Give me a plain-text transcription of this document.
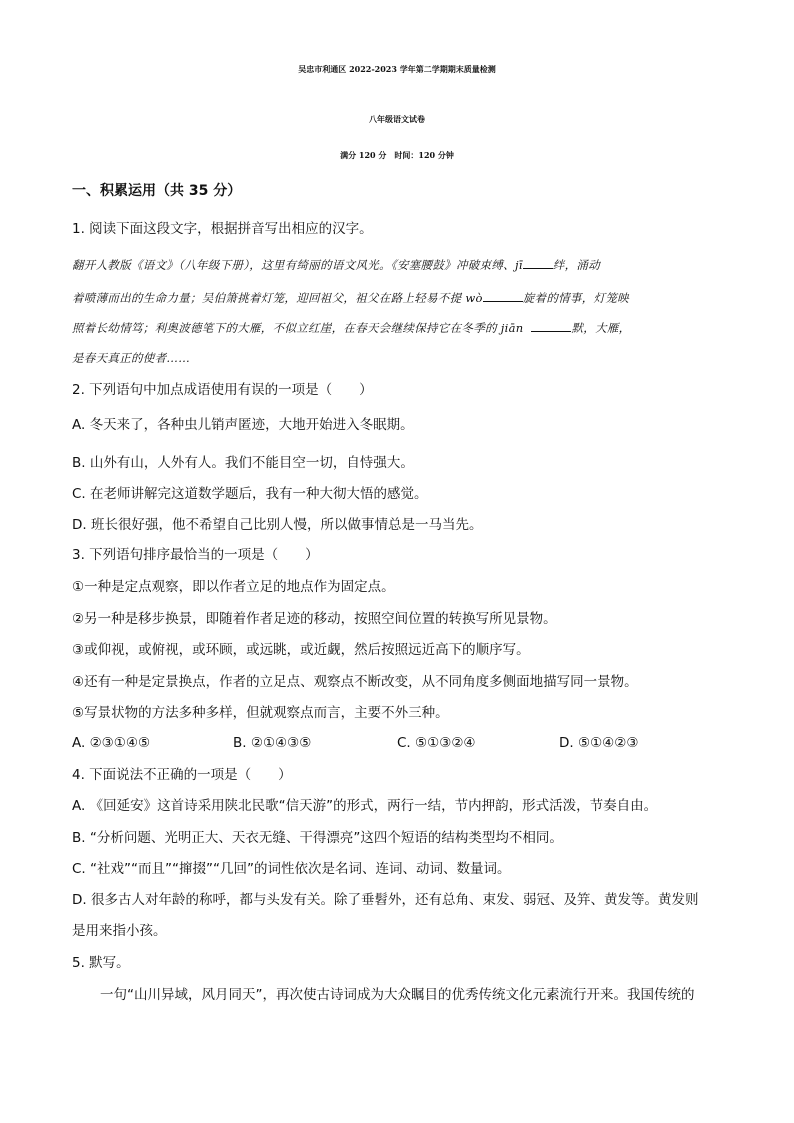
吴忠市利通区 2022-2023 学年第二学期期末质量检测
八年级语文试卷
满分 120 分　时间：120 分钟
一、积累运用（共 35 分）
1. 阅读下面这段文字，根据拼音写出相应的汉字。
翻开人教版《语文》（八年级下册），这里有绮丽的语文风光。《安塞腰鼓》冲破束缚、jī	绊，涌动
着喷薄而出的生命力量；吴伯箫挑着灯笼，迎回祖父，祖父在路上轻易不提 wò	旋着的情事，灯笼映
照着长幼情笃；利奥波德笔下的大雁，不似立红崖，在春天会继续保持它在冬季的 jiān	默，大雁，
是春天真正的使者……
2. 下列语句中加点成语使用有误的一项是（　　）
A. 冬天来了，各种虫儿销声匿迹，大地开始进入冬眠期。
B. 山外有山，人外有人。我们不能目空一切，自恃强大。
C. 在老师讲解完这道数学题后，我有一种大彻大悟的感觉。
D. 班长很好强，他不希望自己比别人慢，所以做事情总是一马当先。
3. 下列语句排序最恰当的一项是（　　）
①一种是定点观察，即以作者立足的地点作为固定点。
②另一种是移步换景，即随着作者足迹的移动，按照空间位置的转换写所见景物。
③或仰视，或俯视，或环顾，或远眺，或近觑，然后按照远近高下的顺序写。
④还有一种是定景换点，作者的立足点、观察点不断改变，从不同角度多侧面地描写同一景物。
⑤写景状物的方法多种多样，但就观察点而言，主要不外三种。
A. ②③①④⑤	B. ②①④③⑤	C. ⑤①③②④	D. ⑤①④②③
4. 下面说法不正确的一项是（　　）
A. 《回延安》这首诗采用陕北民歌“信天游”的形式，两行一结，节内押韵，形式活泼，节奏自由。
B. “分析问题、光明正大、天衣无缝、干得漂亮”这四个短语的结构类型均不相同。
C. “社戏”“而且”“撺掇”“几回”的词性依次是名词、连词、动词、数量词。
D. 很多古人对年龄的称呼，都与头发有关。除了垂髫外，还有总角、束发、弱冠、及笄、黄发等。黄发则
是用来指小孩。
5. 默写。
一句“山川异域，风月同天”，再次使古诗词成为大众瞩目的优秀传统文化元素流行开来。我国传统的
